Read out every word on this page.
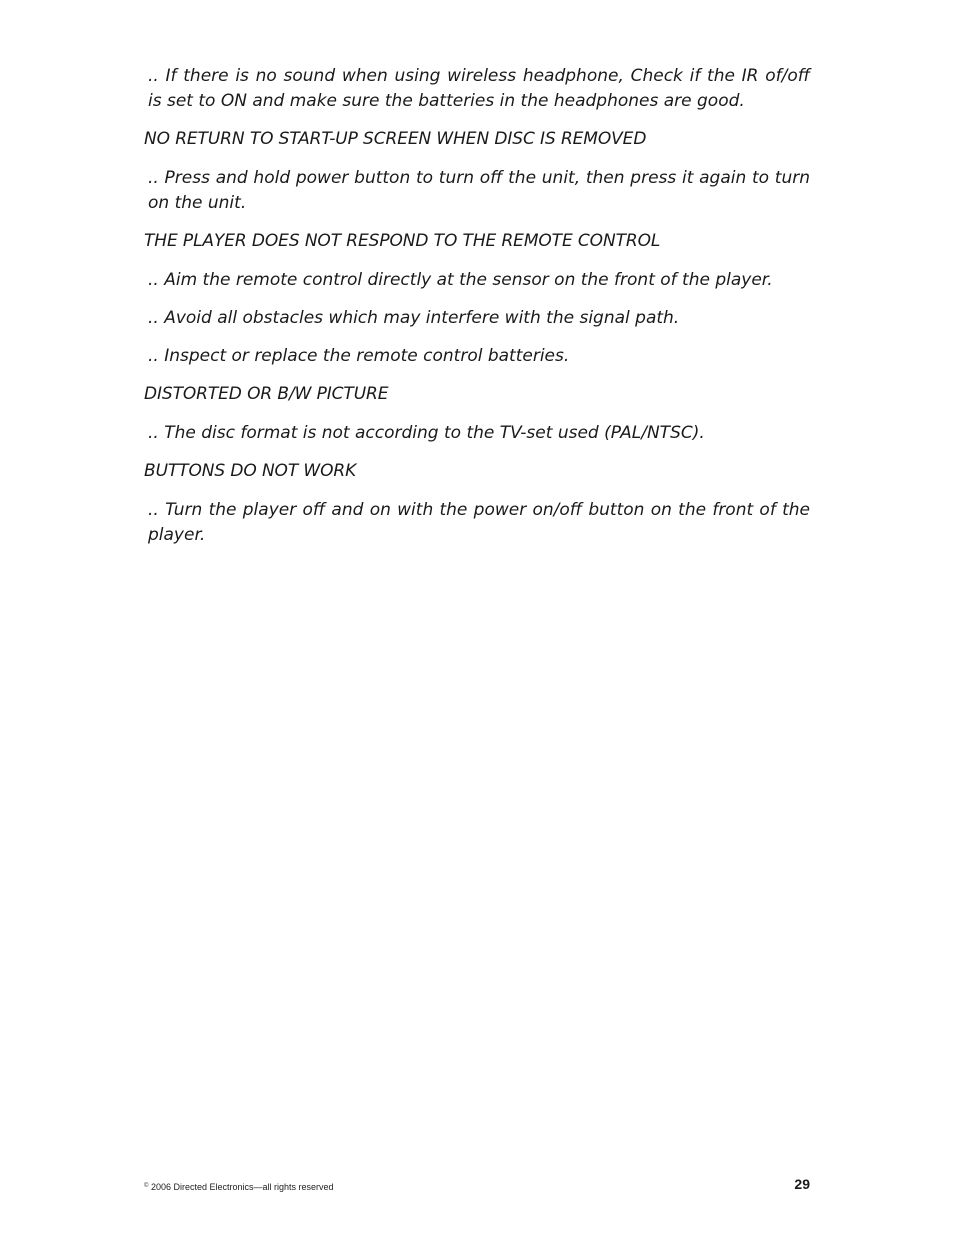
.. If there is no sound when using wireless headphone, Check if the IR of/off is set to ON and make sure the batteries in the headphones are good.

NO RETURN TO START-UP SCREEN WHEN DISC IS REMOVED

.. Press and hold power button to turn off the unit, then press it again to turn on the unit.

THE PLAYER DOES NOT RESPOND TO THE REMOTE CONTROL

.. Aim the remote control directly at the sensor on the front of the player.

.. Avoid all obstacles which may interfere with the signal path.

.. Inspect or replace the remote control batteries.

DISTORTED OR B/W PICTURE

.. The disc format is not according to the TV-set used (PAL/NTSC).

BUTTONS DO NOT WORK

.. Turn the player off and on with the power on/off button on the front of the player.

© 2006 Directed Electronics—all rights reserved	29
